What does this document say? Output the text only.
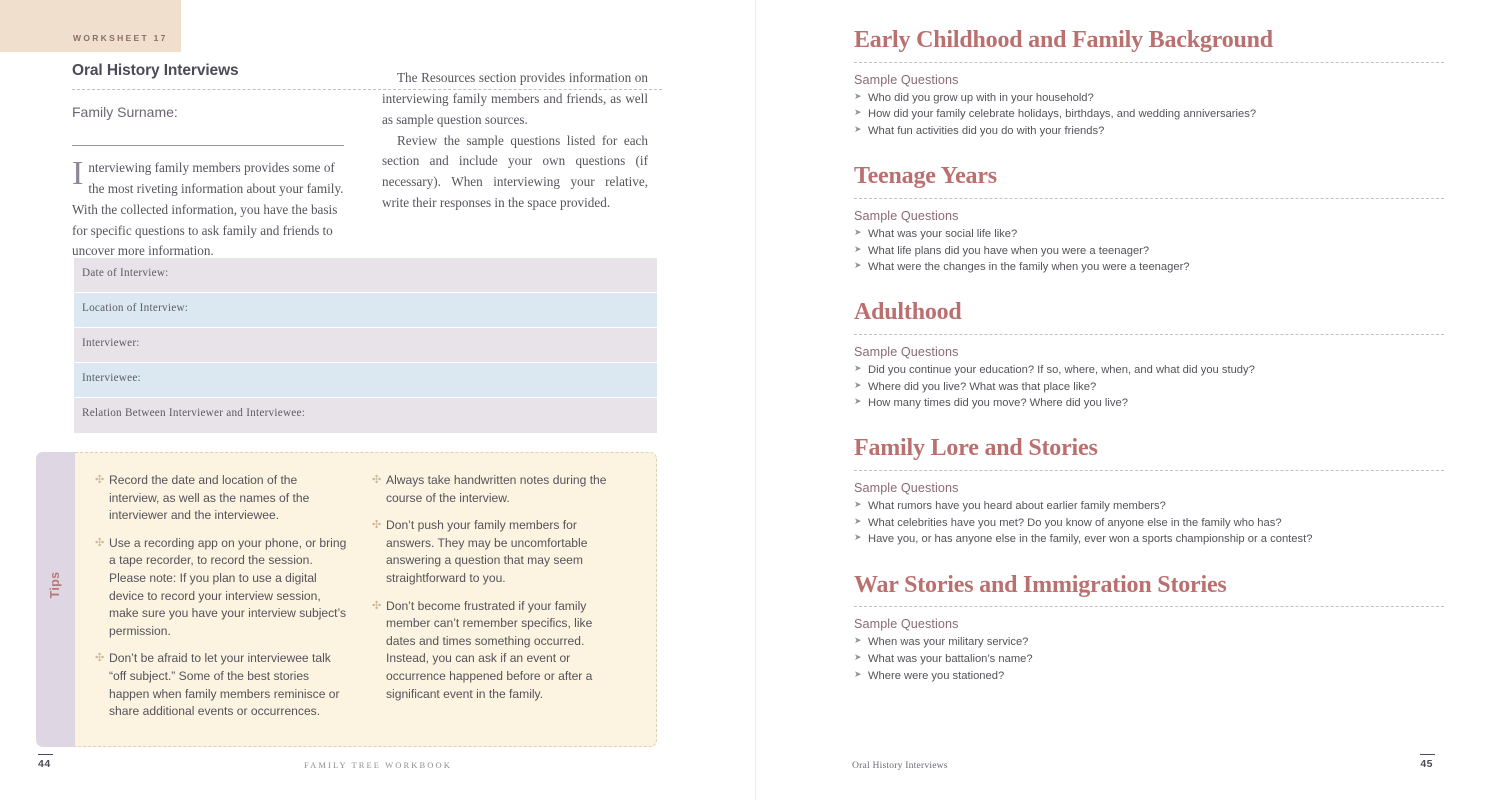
WORKSHEET 17
Oral History Interviews
Family Surname:

The Resources section provides information on interviewing family members and friends, as well as sample question sources.

Review the sample questions listed for each section and include your own questions (if necessary). When interviewing your relative, write their responses in the space provided.

Interviewing family members provides some of the most riveting information about your family. With the collected information, you have the basis for specific questions to ask family and friends to uncover more information.
Date of Interview:
Location of Interview:
Interviewer:
Interviewee:
Relation Between Interviewer and Interviewee:
Tips
✣ Record the date and location of the interview, as well as the names of the interviewer and the interviewee.
✣ Use a recording app on your phone, or bring a tape recorder, to record the session. Please note: If you plan to use a digital device to record your interview session, make sure you have your interview subject’s permission.
✣ Don’t be afraid to let your interviewee talk “off subject.” Some of the best stories happen when family members reminisce or share additional events or occurrences.
✣ Always take handwritten notes during the course of the interview.
✣ Don’t push your family members for answers. They may be uncomfortable answering a question that may seem straightforward to you.
✣ Don’t become frustrated if your family member can’t remember specifics, like dates and times something occurred. Instead, you can ask if an event or occurrence happened before or after a significant event in the family.
44	FAMILY TREE WORKBOOK
Early Childhood and Family Background
Sample Questions
➤ Who did you grow up with in your household?
➤ How did your family celebrate holidays, birthdays, and wedding anniversaries?
➤ What fun activities did you do with your friends?
Teenage Years
Sample Questions
➤ What was your social life like?
➤ What life plans did you have when you were a teenager?
➤ What were the changes in the family when you were a teenager?
Adulthood
Sample Questions
➤ Did you continue your education? If so, where, when, and what did you study?
➤ Where did you live? What was that place like?
➤ How many times did you move? Where did you live?
Family Lore and Stories
Sample Questions
➤ What rumors have you heard about earlier family members?
➤ What celebrities have you met? Do you know of anyone else in the family who has?
➤ Have you, or has anyone else in the family, ever won a sports championship or a contest?
War Stories and Immigration Stories
Sample Questions
➤ When was your military service?
➤ What was your battalion’s name?
➤ Where were you stationed?
Oral History Interviews	45
